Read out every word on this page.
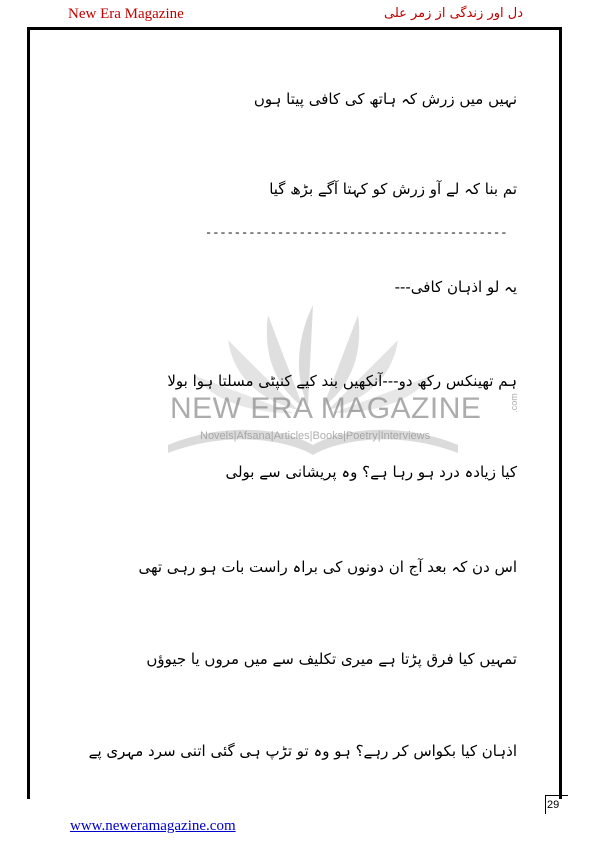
New Era Magazine	دل اور زندگی از زمر علی
NEW ERA MAGAZINE	.com
Novels|Afsana|Articles|Books|Poetry|Interviews
نہیں میں زرش کہ ہاتھ کی کافی پیتا ہوں
تم بنا کہ لے آو زرش کو کہتا آگے بڑھ گیا
------------------------------------------
یہ لو اذہان کافی---
ہم تھینکس رکھ دو---آنکھیں بند کیے کنپٹی مسلتا ہوا بولا
کیا زیادہ درد ہو رہا ہے؟ وہ پریشانی سے بولی
اس دن کہ بعد آج ان دونوں کی براہ راست بات ہو رہی تھی
تمہیں کیا فرق پڑتا ہے میری تکلیف سے میں مروں یا جیوؤں
اذہان کیا بکواس کر رہے؟ ہو وہ تو تڑپ ہی گئی اتنی سرد مہری پے
29
www.neweramagazine.com
